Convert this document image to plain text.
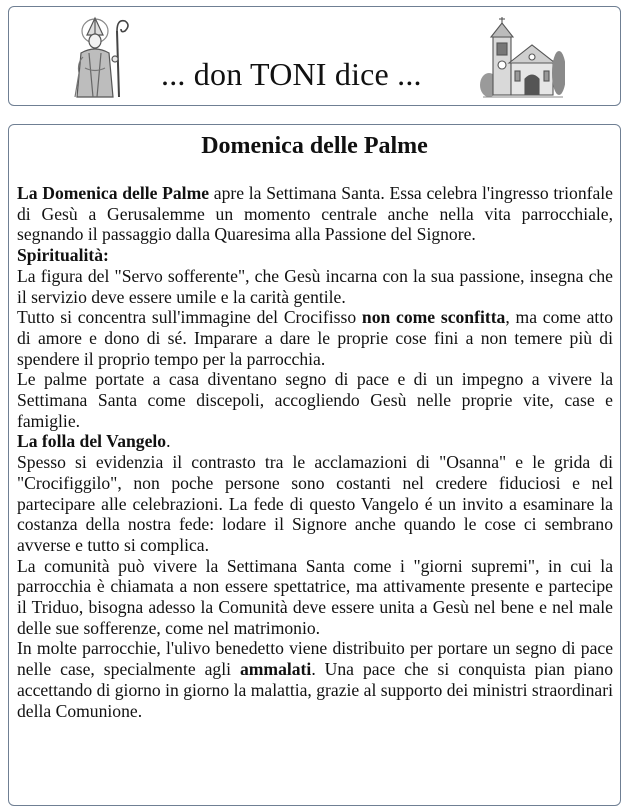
... don TONI dice ...
Domenica delle Palme

La Domenica delle Palme apre la Settimana Santa. Essa celebra l'ingresso trionfale di Gesù a Gerusalemme un momento centrale anche nella vita parrocchiale, segnando il passaggio dalla Quaresima alla Passione del Signore.

Spiritualità:

La figura del "Servo sofferente", che Gesù incarna con la sua passione, insegna che il servizio deve essere umile e la carità gentile.

Tutto si concentra sull'immagine del Crocifisso non come sconfitta, ma come atto di amore e dono di sé. Imparare a dare le proprie cose fini a non temere più di spendere il proprio tempo per la parrocchia.

Le palme portate a casa diventano segno di pace e di un impegno a vivere la Settimana Santa come discepoli, accogliendo Gesù nelle proprie vite, case e famiglie.

La folla del Vangelo.

Spesso si evidenzia il contrasto tra le acclamazioni di "Osanna" e le grida di "Crocifiggilo", non poche persone sono costanti nel credere fiduciosi e nel partecipare alle celebrazioni. La fede di questo Vangelo é un invito a esaminare la costanza della nostra fede: lodare il Signore anche quando le cose ci sembrano avverse e tutto si complica.

La comunità può vivere la Settimana Santa come i "giorni supremi", in cui la parrocchia è chiamata a non essere spettatrice, ma attivamente presente e partecipe il Triduo, bisogna adesso la Comunità deve essere unita a Gesù nel bene e nel male delle sue sofferenze, come nel matrimonio.

In molte parrocchie, l'ulivo benedetto viene distribuito per portare un segno di pace nelle case, specialmente agli ammalati. Una pace che si conquista pian piano accettando di giorno in giorno la malattia, grazie al supporto dei ministri straordinari della Comunione.
